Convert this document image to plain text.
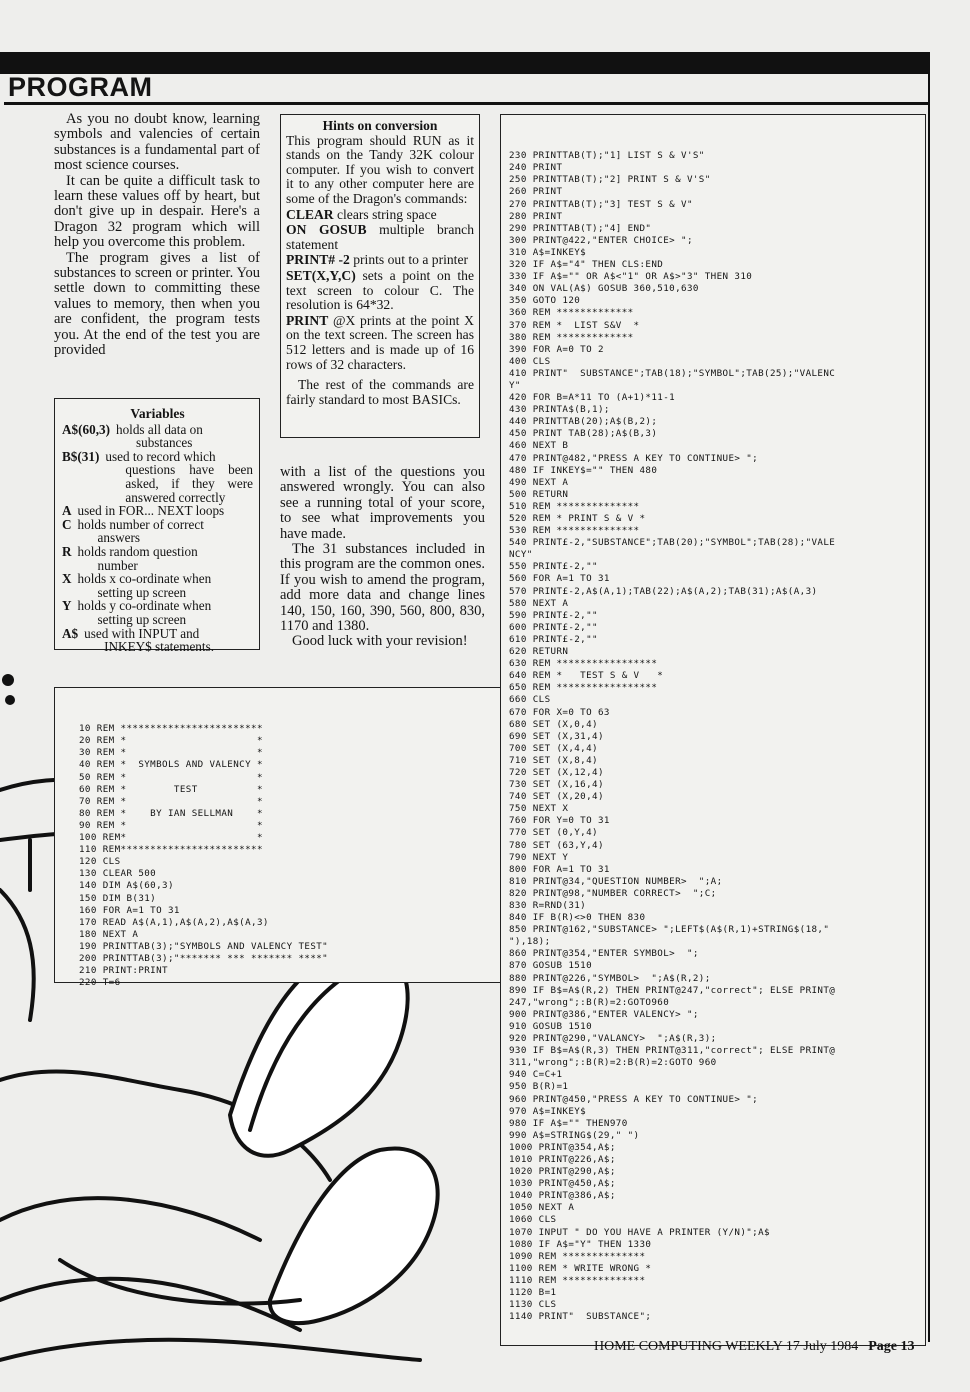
PROGRAM

As you no doubt know, learning symbols and valencies of certain substances is a fundamental part of most science courses.

It can be quite a difficult task to learn these values off by heart, but don't give up in despair. Here's a Dragon 32 program which will help you overcome this problem.

The program gives a list of substances to screen or printer. You settle down to committing these values to memory, then when you are confident, the program tests you. At the end of the test you are provided

Variables
A$(60,3) holds all data on
substances
B$(31) used to record which
questions have been asked, if they were answered correctly
A used in FOR... NEXT loops
C holds number of correct
answers
R holds random question
number
X holds x co-ordinate when
setting up screen
Y holds y co-ordinate when
setting up screen
A$ used with INPUT and
INKEY$ statements.
Hints on conversion

This program should RUN as it stands on the Tandy 32K colour computer. If you wish to convert it to any other computer here are some of the Dragon's commands:

CLEAR clears string space

ON GOSUB multiple branch statement

PRINT# -2 prints out to a printer

SET(X,Y,C) sets a point on the text screen to colour C. The resolution is 64*32.

PRINT @X prints at the point X on the text screen. The screen has 512 letters and is made up of 16 rows of 32 characters.

The rest of the commands are fairly standard to most BASICs.

with a list of the questions you answered wrongly. You can also see a running total of your score, to see what improvements you have made.

The 31 substances included in this program are the common ones. If you wish to amend the program, add more data and change lines 140, 150, 160, 390, 560, 800, 830, 1170 and 1380.

Good luck with your revision!

10 REM ************************
20 REM *                      *
30 REM *                      *
40 REM *  SYMBOLS AND VALENCY *
50 REM *                      *
60 REM *        TEST          *
70 REM *                      *
80 REM *    BY IAN SELLMAN    *
90 REM *                      *
100 REM*                      *
110 REM************************
120 CLS
130 CLEAR 500
140 DIM A$(60,3)
150 DIM B(31)
160 FOR A=1 TO 31
170 READ A$(A,1),A$(A,2),A$(A,3)
180 NEXT A
190 PRINTTAB(3);"SYMBOLS AND VALENCY TEST"
200 PRINTTAB(3);"******* *** ******* ****"
210 PRINT:PRINT
220 T=6

230 PRINTTAB(T);"1] LIST S & V'S"
240 PRINT
250 PRINTTAB(T);"2] PRINT S & V'S"
260 PRINT
270 PRINTTAB(T);"3] TEST S & V"
280 PRINT
290 PRINTTAB(T);"4] END"
300 PRINT@422,"ENTER CHOICE> ";
310 A$=INKEY$
320 IF A$="4" THEN CLS:END
330 IF A$="" OR A$<"1" OR A$>"3" THEN 310
340 ON VAL(A$) GOSUB 360,510,630
350 GOTO 120
360 REM *************
370 REM *  LIST S&V  *
380 REM *************
390 FOR A=0 TO 2
400 CLS
410 PRINT"  SUBSTANCE";TAB(18);"SYMBOL";TAB(25);"VALENC
Y"
420 FOR B=A*11 TO (A+1)*11-1
430 PRINTA$(B,1);
440 PRINTTAB(20);A$(B,2);
450 PRINT TAB(28);A$(B,3)
460 NEXT B
470 PRINT@482,"PRESS A KEY TO CONTINUE> ";
480 IF INKEY$="" THEN 480
490 NEXT A
500 RETURN
510 REM **************
520 REM * PRINT S & V *
530 REM **************
540 PRINT£-2,"SUBSTANCE";TAB(20);"SYMBOL";TAB(28);"VALE
NCY"
550 PRINT£-2,""
560 FOR A=1 TO 31
570 PRINT£-2,A$(A,1);TAB(22);A$(A,2);TAB(31);A$(A,3)
580 NEXT A
590 PRINT£-2,""
600 PRINT£-2,""
610 PRINT£-2,""
620 RETURN
630 REM *****************
640 REM *   TEST S & V   *
650 REM *****************
660 CLS
670 FOR X=0 TO 63
680 SET (X,0,4)
690 SET (X,31,4)
700 SET (X,4,4)
710 SET (X,8,4)
720 SET (X,12,4)
730 SET (X,16,4)
740 SET (X,20,4)
750 NEXT X
760 FOR Y=0 TO 31
770 SET (0,Y,4)
780 SET (63,Y,4)
790 NEXT Y
800 FOR A=1 TO 31
810 PRINT@34,"QUESTION NUMBER>  ";A;
820 PRINT@98,"NUMBER CORRECT>  ";C;
830 R=RND(31)
840 IF B(R)<>0 THEN 830
850 PRINT@162,"SUBSTANCE> ";LEFT$(A$(R,1)+STRING$(18,"
"),18);
860 PRINT@354,"ENTER SYMBOL>  ";
870 GOSUB 1510
880 PRINT@226,"SYMBOL>  ";A$(R,2);
890 IF B$=A$(R,2) THEN PRINT@247,"correct"; ELSE PRINT@
247,"wrong";:B(R)=2:GOTO960
900 PRINT@386,"ENTER VALENCY> ";
910 GOSUB 1510
920 PRINT@290,"VALANCY>  ";A$(R,3);
930 IF B$=A$(R,3) THEN PRINT@311,"correct"; ELSE PRINT@
311,"wrong";:B(R)=2:B(R)=2:GOTO 960
940 C=C+1
950 B(R)=1
960 PRINT@450,"PRESS A KEY TO CONTINUE> ";
970 A$=INKEY$
980 IF A$="" THEN970
990 A$=STRING$(29," ")
1000 PRINT@354,A$;
1010 PRINT@226,A$;
1020 PRINT@290,A$;
1030 PRINT@450,A$;
1040 PRINT@386,A$;
1050 NEXT A
1060 CLS
1070 INPUT " DO YOU HAVE A PRINTER (Y/N)";A$
1080 IF A$="Y" THEN 1330
1090 REM **************
1100 REM * WRITE WRONG *
1110 REM **************
1120 B=1
1130 CLS
1140 PRINT"  SUBSTANCE";

HOME COMPUTING WEEKLY 17 July 1984 Page 13
